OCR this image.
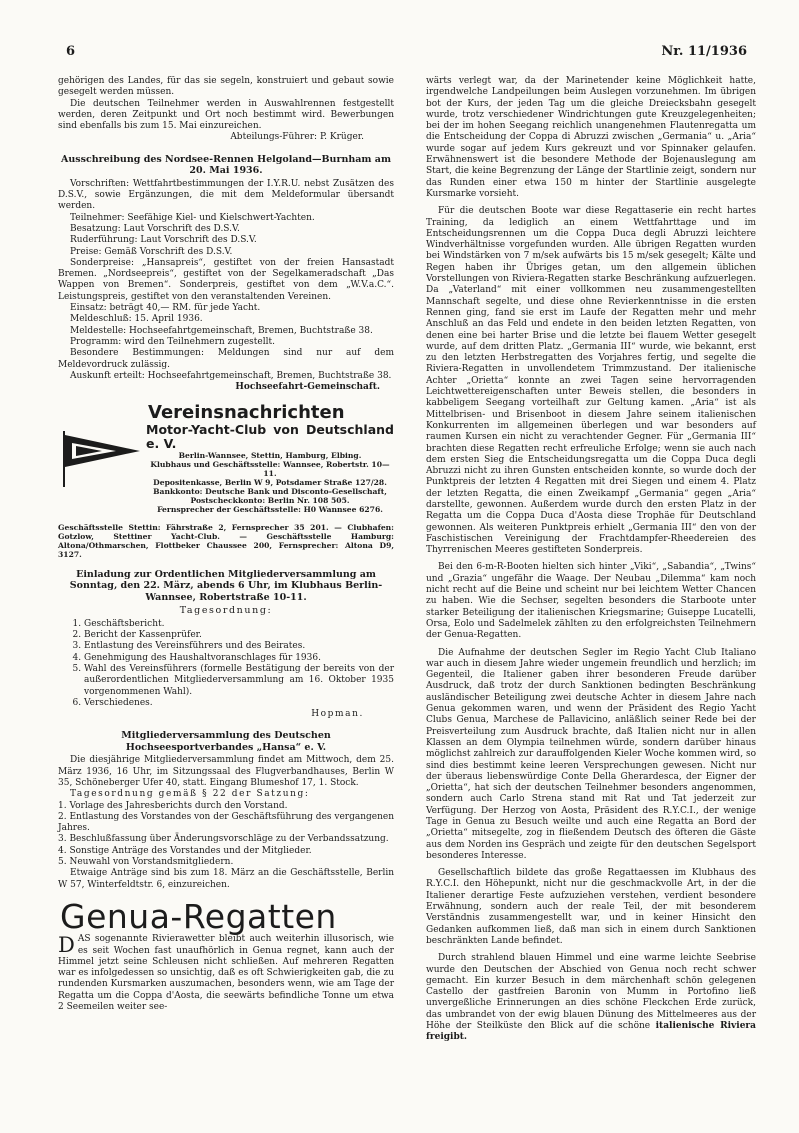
6	Nr. 11/1936

gehörigen des Landes, für das sie segeln, konstruiert und gebaut sowie gesegelt werden müssen.

Die deutschen Teilnehmer werden in Auswahlrennen festgestellt werden, deren Zeitpunkt und Ort noch bestimmt wird. Bewerbungen sind ebenfalls bis zum 15. Mai einzureichen.

Abteilungs-Führer: P. Krüger.

Ausschreibung des Nordsee-Rennen Helgoland—Burnham am 20. Mai 1936.

Vorschriften: Wettfahrtbestimmungen der I.Y.R.U. nebst Zusätzen des D.S.V., sowie Ergänzungen, die mit dem Meldeformular übersandt werden.

Teilnehmer: Seefähige Kiel- und Kielschwert-Yachten.

Besatzung: Laut Vorschrift des D.S.V.

Ruderführung: Laut Vorschrift des D.S.V.

Preise: Gemäß Vorschrift des D.S.V.

Sonderpreise: „Hansapreis“, gestiftet von der freien Hansastadt Bremen. „Nordseepreis“, gestiftet von der Segelkameradschaft „Das Wappen von Bremen“. Sonderpreis, gestiftet von dem „W.V.a.C.“. Leistungspreis, gestiftet von den veranstaltenden Vereinen.

Einsatz: beträgt 40,— RM. für jede Yacht.

Meldeschluß: 15. April 1936.

Meldestelle: Hochseefahrtgemeinschaft, Bremen, Buchtstraße 38.

Programm: wird den Teilnehmern zugestellt.

Besondere Bestimmungen: Meldungen sind nur auf dem Meldevordruck zulässig.

Auskunft erteilt: Hochseefahrtgemeinschaft, Bremen, Buchtstraße 38.

Hochseefahrt-Gemeinschaft.

Vereinsnachrichten
Motor-Yacht-Club von Deutschland e. V.
Berlin-Wannsee, Stettin, Hamburg, Elbing.
Klubhaus und Geschäftsstelle: Wannsee, Robertstr. 10—11.
Depositenkasse, Berlin W 9, Potsdamer Straße 127/28.
Bankkonto: Deutsche Bank und Disconto-Gesellschaft,
Postscheckkonto: Berlin Nr. 108 505.
Fernsprecher der Geschäftsstelle: H0 Wannsee 6276.

Geschäftsstelle Stettin: Fährstraße 2, Fernsprecher 35 201. — Clubhafen: Gotzlow, Stettiner Yacht-Club. — Geschäftsstelle Hamburg: Altona/Othmarschen, Flottbeker Chaussee 200, Fernsprecher: Altona D9, 3127.

Einladung zur Ordentlichen Mitgliederversammlung am Sonntag, den 22. März, abends 6 Uhr, im Klubhaus Berlin-Wannsee, Robertstraße 10-11.
Tagesordnung:
1. Geschäftsbericht.
2. Bericht der Kassenprüfer.
3. Entlastung des Vereinsführers und des Beirates.
4. Genehmigung des Haushaltvoranschlages für 1936.
5. Wahl des Vereinsführers (formelle Bestätigung der bereits von der außerordentlichen Mitgliederversammlung am 16. Oktober 1935 vorgenommenen Wahl).
6. Verschiedenes.

Hopman.

Mitgliederversammlung des Deutschen Hochseesportverbandes „Hansa“ e. V.

Die diesjährige Mitgliederversammlung findet am Mittwoch, dem 25. März 1936, 16 Uhr, im Sitzungssaal des Flugverbandhauses, Berlin W 35, Schöneberger Ufer 40, statt. Eingang Blumeshof 17, 1. Stock.

Tagesordnung gemäß § 22 der Satzung:

1. Vorlage des Jahresberichts durch den Vorstand.
2. Entlastung des Vorstandes von der Geschäftsführung des vergangenen Jahres.
3. Beschlußfassung über Änderungsvorschläge zu der Verbandssatzung.
4. Sonstige Anträge des Vorstandes und der Mitglieder.
5. Neuwahl von Vorstandsmitgliedern.

Etwaige Anträge sind bis zum 18. März an die Geschäftsstelle, Berlin W 57, Winterfeldtstr. 6, einzureichen.

Genua-Regatten

DAS sogenannte Rivierawetter bleibt auch weiterhin illusorisch, wie es seit Wochen fast unaufhörlich in Genua regnet, kann auch der Himmel jetzt seine Schleusen nicht schließen. Auf mehreren Regatten war es infolgedessen so unsichtig, daß es oft Schwierigkeiten gab, die zu rundenden Kursmarken auszumachen, besonders wenn, wie am Tage der Regatta um die Coppa d'Aosta, die seewärts befindliche Tonne um etwa 2 Seemeilen weiter see-

wärts verlegt war, da der Marinetender keine Möglichkeit hatte, irgendwelche Landpeilungen beim Auslegen vorzunehmen. Im übrigen bot der Kurs, der jeden Tag um die gleiche Dreiecksbahn gesegelt wurde, trotz verschiedener Windrichtungen gute Kreuzgelegenheiten; bei der im hohen Seegang reichlich unangenehmen Flautenregatta um die Entscheidung der Coppa di Abruzzi zwischen „Germania“ u. „Aria“ wurde sogar auf jedem Kurs gekreuzt und vor Spinnaker gelaufen. Erwähnenswert ist die besondere Methode der Bojenauslegung am Start, die keine Begrenzung der Länge der Startlinie zeigt, sondern nur das Runden einer etwa 150 m hinter der Startlinie ausgelegte Kursmarke vorsieht.

Für die deutschen Boote war diese Regattaserie ein recht hartes Training, da lediglich an einem Wettfahrttage und im Entscheidungsrennen um die Coppa Duca degli Abruzzi leichtere Windverhältnisse vorgefunden wurden. Alle übrigen Regatten wurden bei Windstärken von 7 m/sek aufwärts bis 15 m/sek gesegelt; Kälte und Regen haben ihr Übriges getan, um den allgemein üblichen Vorstellungen von Riviera-Regatten starke Beschränkung aufzuerlegen. Da „Vaterland“ mit einer vollkommen neu zusammengestellten Mannschaft segelte, und diese ohne Revierkenntnisse in die ersten Rennen ging, fand sie erst im Laufe der Regatten mehr und mehr Anschluß an das Feld und endete in den beiden letzten Regatten, von denen eine bei harter Brise und die letzte bei flauem Wetter gesegelt wurde, auf dem dritten Platz. „Germania III“ wurde, wie bekannt, erst zu den letzten Herbstregatten des Vorjahres fertig, und segelte die Riviera-Regatten in unvollendetem Trimmzustand. Der italienische Achter „Orietta“ konnte an zwei Tagen seine hervorragenden Leichtwettereigenschaften unter Beweis stellen, die besonders in kabbeligem Seegang vorteilhaft zur Geltung kamen. „Aria“ ist als Mittelbrisen- und Brisenboot in diesem Jahre seinem italienischen Konkurrenten im allgemeinen überlegen und war besonders auf raumen Kursen ein nicht zu verachtender Gegner. Für „Germania III“ brachten diese Regatten recht erfreuliche Erfolge; wenn sie auch nach dem ersten Sieg die Entscheidungsregatta um die Coppa Duca degli Abruzzi nicht zu ihren Gunsten entscheiden konnte, so wurde doch der Punktpreis der letzten 4 Regatten mit drei Siegen und einem 4. Platz der letzten Regatta, die einen Zweikampf „Germania“ gegen „Aria“ darstellte, gewonnen. Außerdem wurde durch den ersten Platz in der Regatta um die Coppa Duca d'Aosta diese Trophäe für Deutschland gewonnen. Als weiteren Punktpreis erhielt „Germania III“ den von der Faschistischen Vereinigung der Frachtdampfer-Rheedereien des Thyrrenischen Meeres gestifteten Sonderpreis.

Bei den 6-m-R-Booten hielten sich hinter „Viki“, „Sabandia“, „Twins“ und „Grazia“ ungefähr die Waage. Der Neubau „Dilemma“ kam noch nicht recht auf die Beine und scheint nur bei leichtem Wetter Chancen zu haben. Wie die Sechser, segelten besonders die Starboote unter starker Beteiligung der italienischen Kriegsmarine; Guiseppe Lucatelli, Orsa, Eolo und Sadelmelek zählten zu den erfolgreichsten Teilnehmern der Genua-Regatten.

Die Aufnahme der deutschen Segler im Regio Yacht Club Italiano war auch in diesem Jahre wieder ungemein freundlich und herzlich; im Gegenteil, die Italiener gaben ihrer besonderen Freude darüber Ausdruck, daß trotz der durch Sanktionen bedingten Beschränkung ausländischer Beteiligung zwei deutsche Achter in diesem Jahre nach Genua gekommen waren, und wenn der Präsident des Regio Yacht Clubs Genua, Marchese de Pallavicino, anläßlich seiner Rede bei der Preisverteilung zum Ausdruck brachte, daß Italien nicht nur in allen Klassen an dem Olympia teilnehmen würde, sondern darüber hinaus möglichst zahlreich zur darauffolgenden Kieler Woche kommen wird, so sind dies bestimmt keine leeren Versprechungen gewesen. Nicht nur der überaus liebenswürdige Conte Della Gherardesca, der Eigner der „Orietta“, hat sich der deutschen Teilnehmer besonders angenommen, sondern auch Carlo Strena stand mit Rat und Tat jederzeit zur Verfügung. Der Herzog von Aosta, Präsident des R.Y.C.I., der wenige Tage in Genua zu Besuch weilte und auch eine Regatta an Bord der „Orietta“ mitsegelte, zog in fließendem Deutsch des öfteren die Gäste aus dem Norden ins Gespräch und zeigte für den deutschen Segelsport besonderes Interesse.

Gesellschaftlich bildete das große Regattaessen im Klubhaus des R.Y.C.I. den Höhepunkt, nicht nur die geschmackvolle Art, in der die Italiener derartige Feste aufzuziehen verstehen, verdient besondere Erwähnung, sondern auch der reale Teil, der mit besonderem Verständnis zusammengestellt war, und in keiner Hinsicht den Gedanken aufkommen ließ, daß man sich in einem durch Sanktionen beschränkten Lande befindet.

Durch strahlend blauen Himmel und eine warme leichte Seebrise wurde den Deutschen der Abschied von Genua noch recht schwer gemacht. Ein kurzer Besuch in dem märchenhaft schön gelegenen Castello der gastfreien Baronin von Mumm in Portofino ließ unvergeßliche Erinnerungen an dies schöne Fleckchen Erde zurück, das umbrandet von der ewig blauen Dünung des Mittelmeeres aus der Höhe der Steilküste den Blick auf die schöne italienische Riviera freigibt.
